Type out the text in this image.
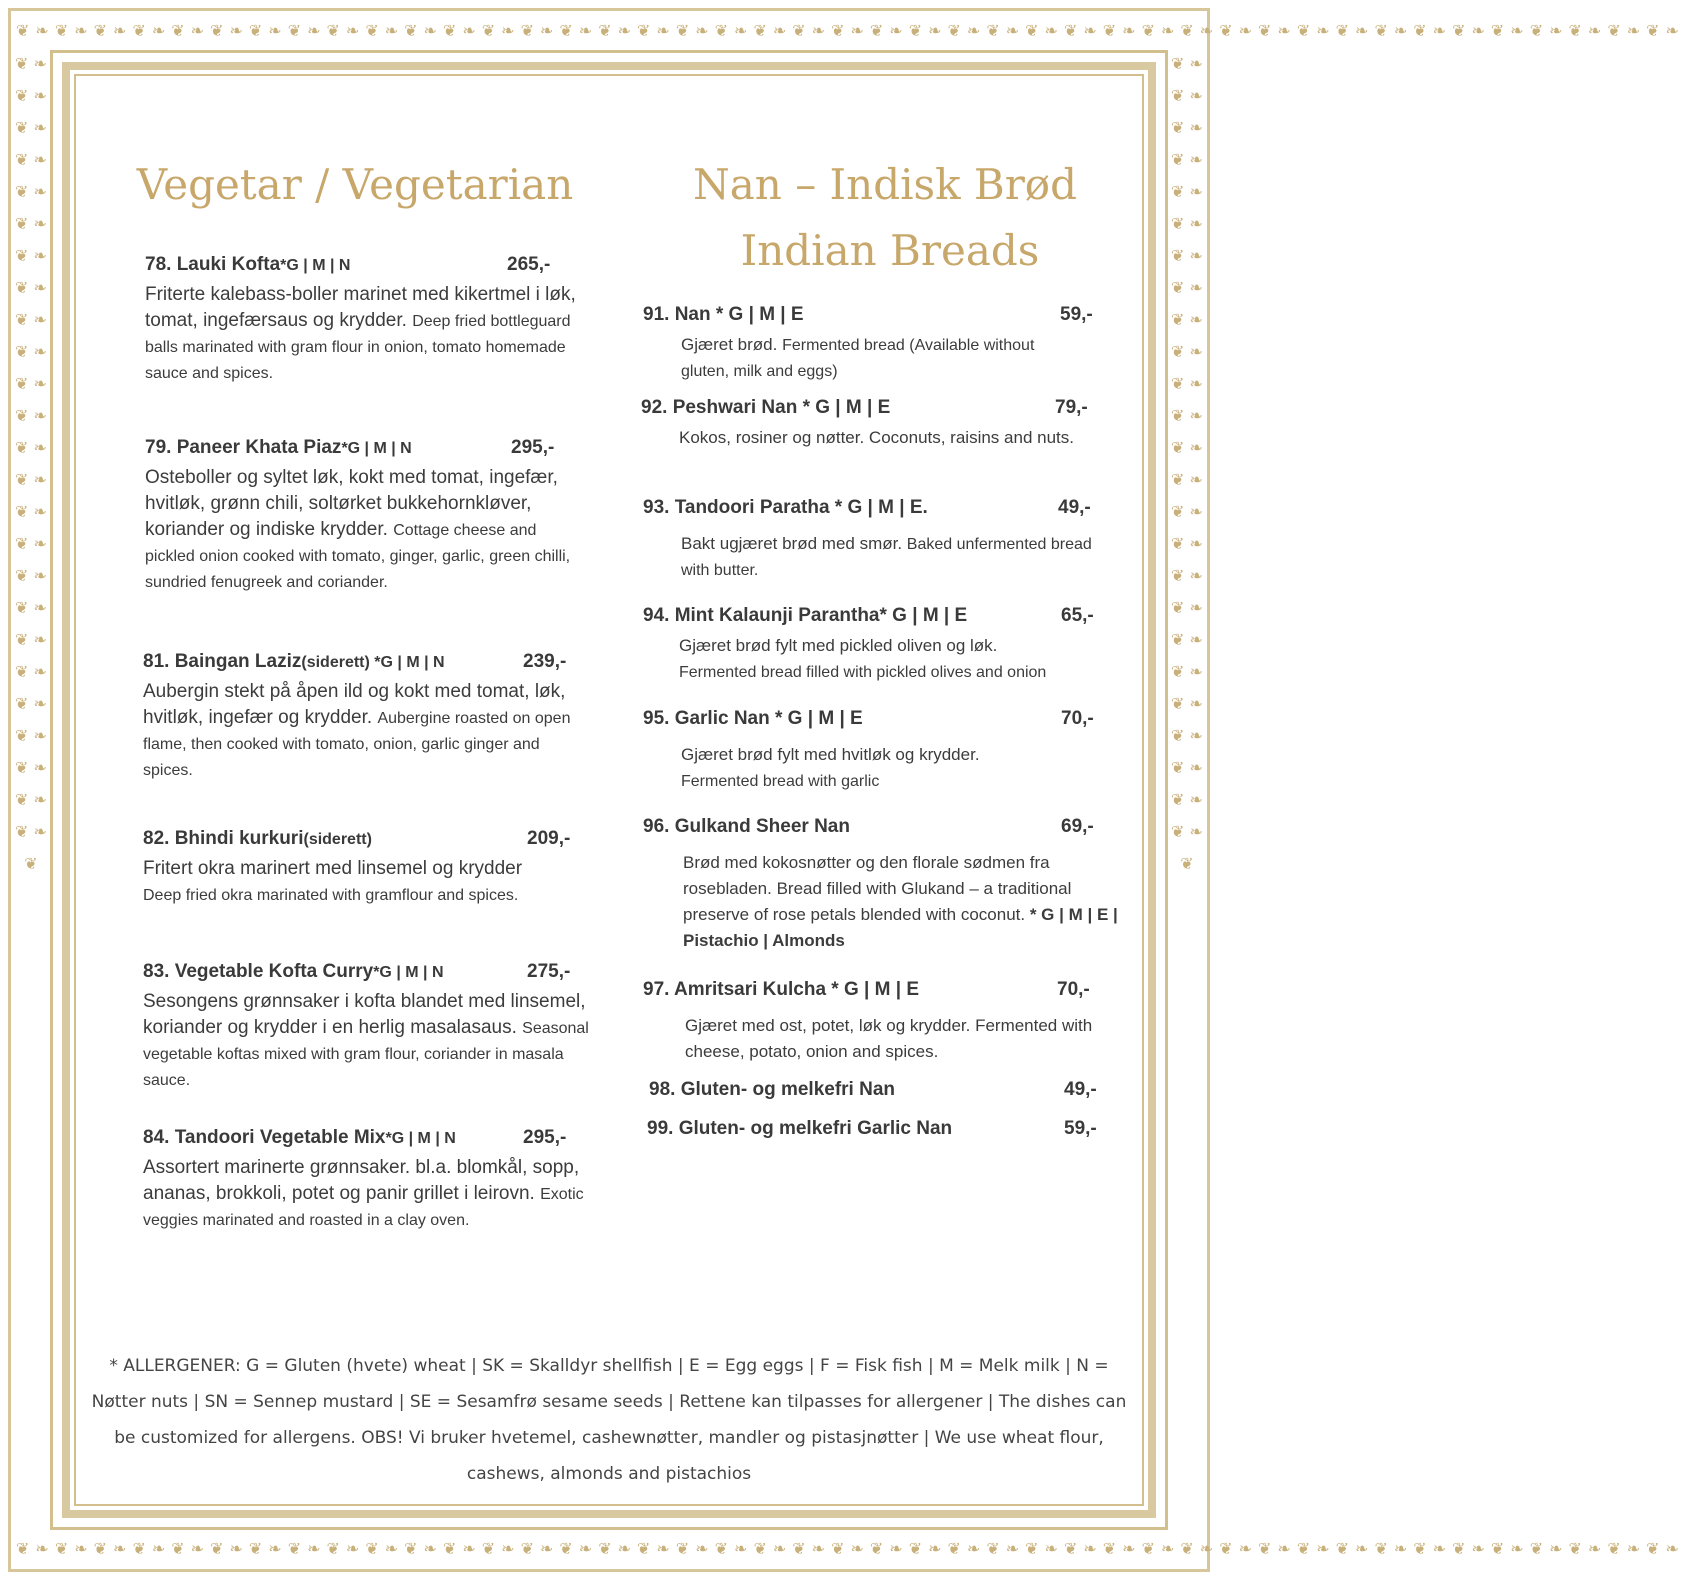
❦❧❦❧❦❧❦❧❦❧❦❧❦❧❦❧❦❧❦❧❦❧❦❧❦❧❦❧❦❧❦❧❦❧❦❧❦❧❦❧❦❧❦❧❦❧❦❧❦❧❦❧❦❧❦❧❦❧❦❧❦❧❦❧❦❧❦❧❦❧❦❧❦❧❦❧❦❧❦❧❦❧❦❧❦❧
❦❧❦❧❦❧❦❧❦❧❦❧❦❧❦❧❦❧❦❧❦❧❦❧❦❧❦❧❦❧❦❧❦❧❦❧❦❧❦❧❦❧❦❧❦❧❦❧❦❧❦❧❦❧❦❧❦❧❦❧❦❧❦❧❦❧❦❧❦❧❦❧❦❧❦❧❦❧❦❧❦❧❦❧❦❧
❦ ❧ ❦ ❧ ❦ ❧ ❦ ❧ ❦ ❧ ❦ ❧ ❦ ❧ ❦ ❧ ❦ ❧ ❦ ❧ ❦ ❧ ❦ ❧ ❦ ❧ ❦ ❧ ❦ ❧ ❦ ❧ ❦ ❧ ❦ ❧ ❦ ❧ ❦ ❧ ❦ ❧ ❦ ❧ ❦ ❧ ❦ ❧ ❦ ❧ ❦
❦ ❧ ❦ ❧ ❦ ❧ ❦ ❧ ❦ ❧ ❦ ❧ ❦ ❧ ❦ ❧ ❦ ❧ ❦ ❧ ❦ ❧ ❦ ❧ ❦ ❧ ❦ ❧ ❦ ❧ ❦ ❧ ❦ ❧ ❦ ❧ ❦ ❧ ❦ ❧ ❦ ❧ ❦ ❧ ❦ ❧ ❦ ❧ ❦ ❧ ❦
Vegetar / Vegetarian	Nan – Indisk Brød
Indian Breads
78. Lauki Kofta *G | M | N	265,-
Friterte kalebass-boller marinet med kikertmel i løk, tomat, ingefærsaus og krydder. Deep fried bottleguard balls marinated with gram flour in onion, tomato homemade sauce and spices.
79. Paneer Khata Piaz *G | M | N	295,-
Osteboller og syltet løk, kokt med tomat, ingefær, hvitløk, grønn chili, soltørket bukkehornkløver, koriander og indiske krydder. Cottage cheese and pickled onion cooked with tomato, ginger, garlic, green chilli, sundried fenugreek and coriander.
81. Baingan Laziz (siderett) *G | M | N	239,-
Aubergin stekt på åpen ild og kokt med tomat, løk, hvitløk, ingefær og krydder. Aubergine roasted on open flame, then cooked with tomato, onion, garlic ginger and spices.
82. Bhindi kurkuri (siderett)	209,-
Fritert okra marinert med linsemel og krydder
Deep fried okra marinated with gramflour and spices.
83. Vegetable Kofta Curry *G | M | N	275,-
Sesongens grønnsaker i kofta blandet med linsemel, koriander og krydder i en herlig masalasaus. Seasonal vegetable koftas mixed with gram flour, coriander in masala sauce.
84. Tandoori Vegetable Mix *G | M | N	295,-
Assortert marinerte grønnsaker. bl.a. blomkål, sopp, ananas, brokkoli, potet og panir grillet i leirovn. Exotic veggies marinated and roasted in a clay oven.
91. Nan * G | M | E	59,-
Gjæret brød. Fermented bread (Available without gluten, milk and eggs)
92. Peshwari Nan * G | M | E	79,-
Kokos, rosiner og nøtter. Coconuts, raisins and nuts.
93. Tandoori Paratha * G | M | E.	49,-
Bakt ugjæret brød med smør. Baked unfermented bread with butter.
94. Mint Kalaunji Parantha* G | M | E	65,-
Gjæret brød fylt med pickled oliven og løk.
Fermented bread filled with pickled olives and onion
95. Garlic Nan * G | M | E	70,-
Gjæret brød fylt med hvitløk og krydder.
Fermented bread with garlic
96. Gulkand Sheer Nan	69,-
Brød med kokosnøtter og den florale sødmen fra rosebladen. Bread filled with Glukand – a traditional preserve of rose petals blended with coconut. * G | M | E | Pistachio | Almonds
97. Amritsari Kulcha * G | M | E	70,-
Gjæret med ost, potet, løk og krydder. Fermented with cheese, potato, onion and spices.
98. Gluten- og melkefri Nan	49,-
99. Gluten- og melkefri Garlic Nan	59,-
* ALLERGENER: G = Gluten (hvete) wheat | SK = Skalldyr shellfish | E = Egg eggs | F = Fisk fish | M = Melk milk | N = Nøtter nuts | SN = Sennep mustard | SE = Sesamfrø sesame seeds | Rettene kan tilpasses for allergener | The dishes can be customized for allergens. OBS! Vi bruker hvetemel, cashewnøtter, mandler og pistasjnøtter | We use wheat flour, cashews, almonds and pistachios
